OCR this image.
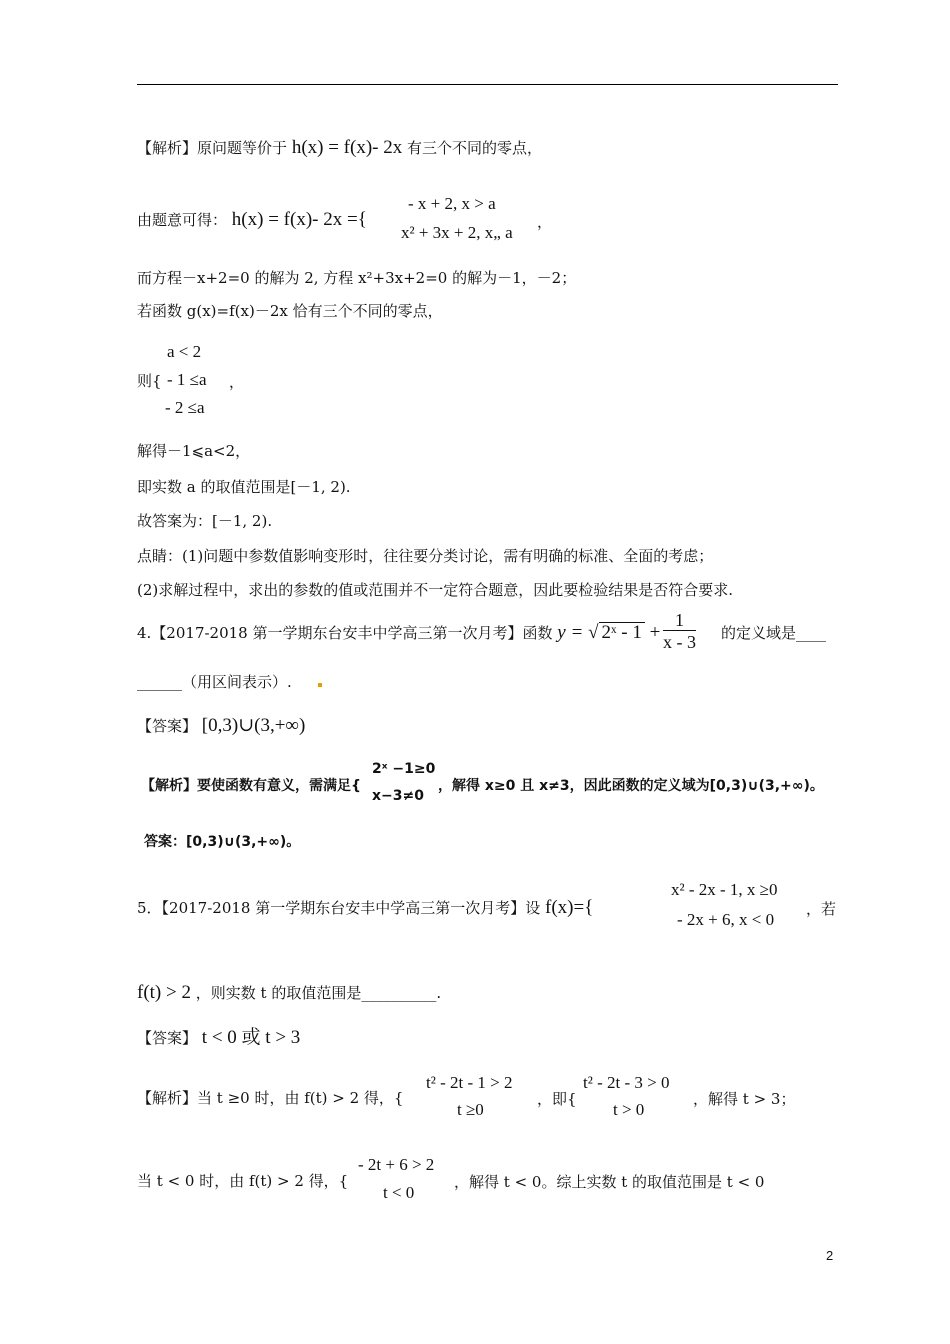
【解析】原问题等价于 h(x) = f(x)- 2x 有三个不同的零点，
由题意可得： h(x) = f(x)- 2x ={
- x + 2, x > a
x² + 3x + 2, x„ a
，
而方程－x+2=0 的解为 2, 方程 x²+3x+2=0 的解为－1，－2；
若函数 g(x)=f(x)－2x 恰有三个不同的零点，
a < 2
则{ - 1 ≤a ，
- 2 ≤a
解得－1⩽a<2，
即实数 a 的取值范围是[－1, 2).
故答案为：[－1, 2).
点睛：(1)问题中参数值影响变形时，往往要分类讨论，需有明确的标准、全面的考虑；
(2)求解过程中，求出的参数的值或范围并不一定符合题意，因此要检验结果是否符合要求.
4.【2017-2018 第一学期东台安丰中学高三第一次月考】函数 y = √ 2ˣ - $1 + \frac{1}{x - 3}$ 的定义域是____
______（用区间表示）.
【答案】 [0,3)∪(3,+∞)
【解析】要使函数有意义，需满足{
2ˣ −1≥0
x−3≠0
，解得 x≥0 且 x≠3，因此函数的定义域为[0,3)∪(3,+∞)。
答案：[0,3)∪(3,+∞)。
5．【2017-2018 第一学期东台安丰中学高三第一次月考】设 f(x)={
x² - 2x - 1, x ≥0
- 2x + 6, x < 0
，若
f(t) > 2 ，则实数 t 的取值范围是__________.
【答案】 t < 0 或 t > 3
【解析】当 t ≥0 时，由 f(t) > 2 得，{
t² - 2t - 1 > 2
t ≥0
，即{
t² - 2t - 3 > 0
t > 0
，解得 t > 3；
当 t < 0 时，由 f(t) > 2 得，{
- 2t + 6 > 2
t < 0
，解得 t < 0。综上实数 t 的取值范围是 t < 0
2
